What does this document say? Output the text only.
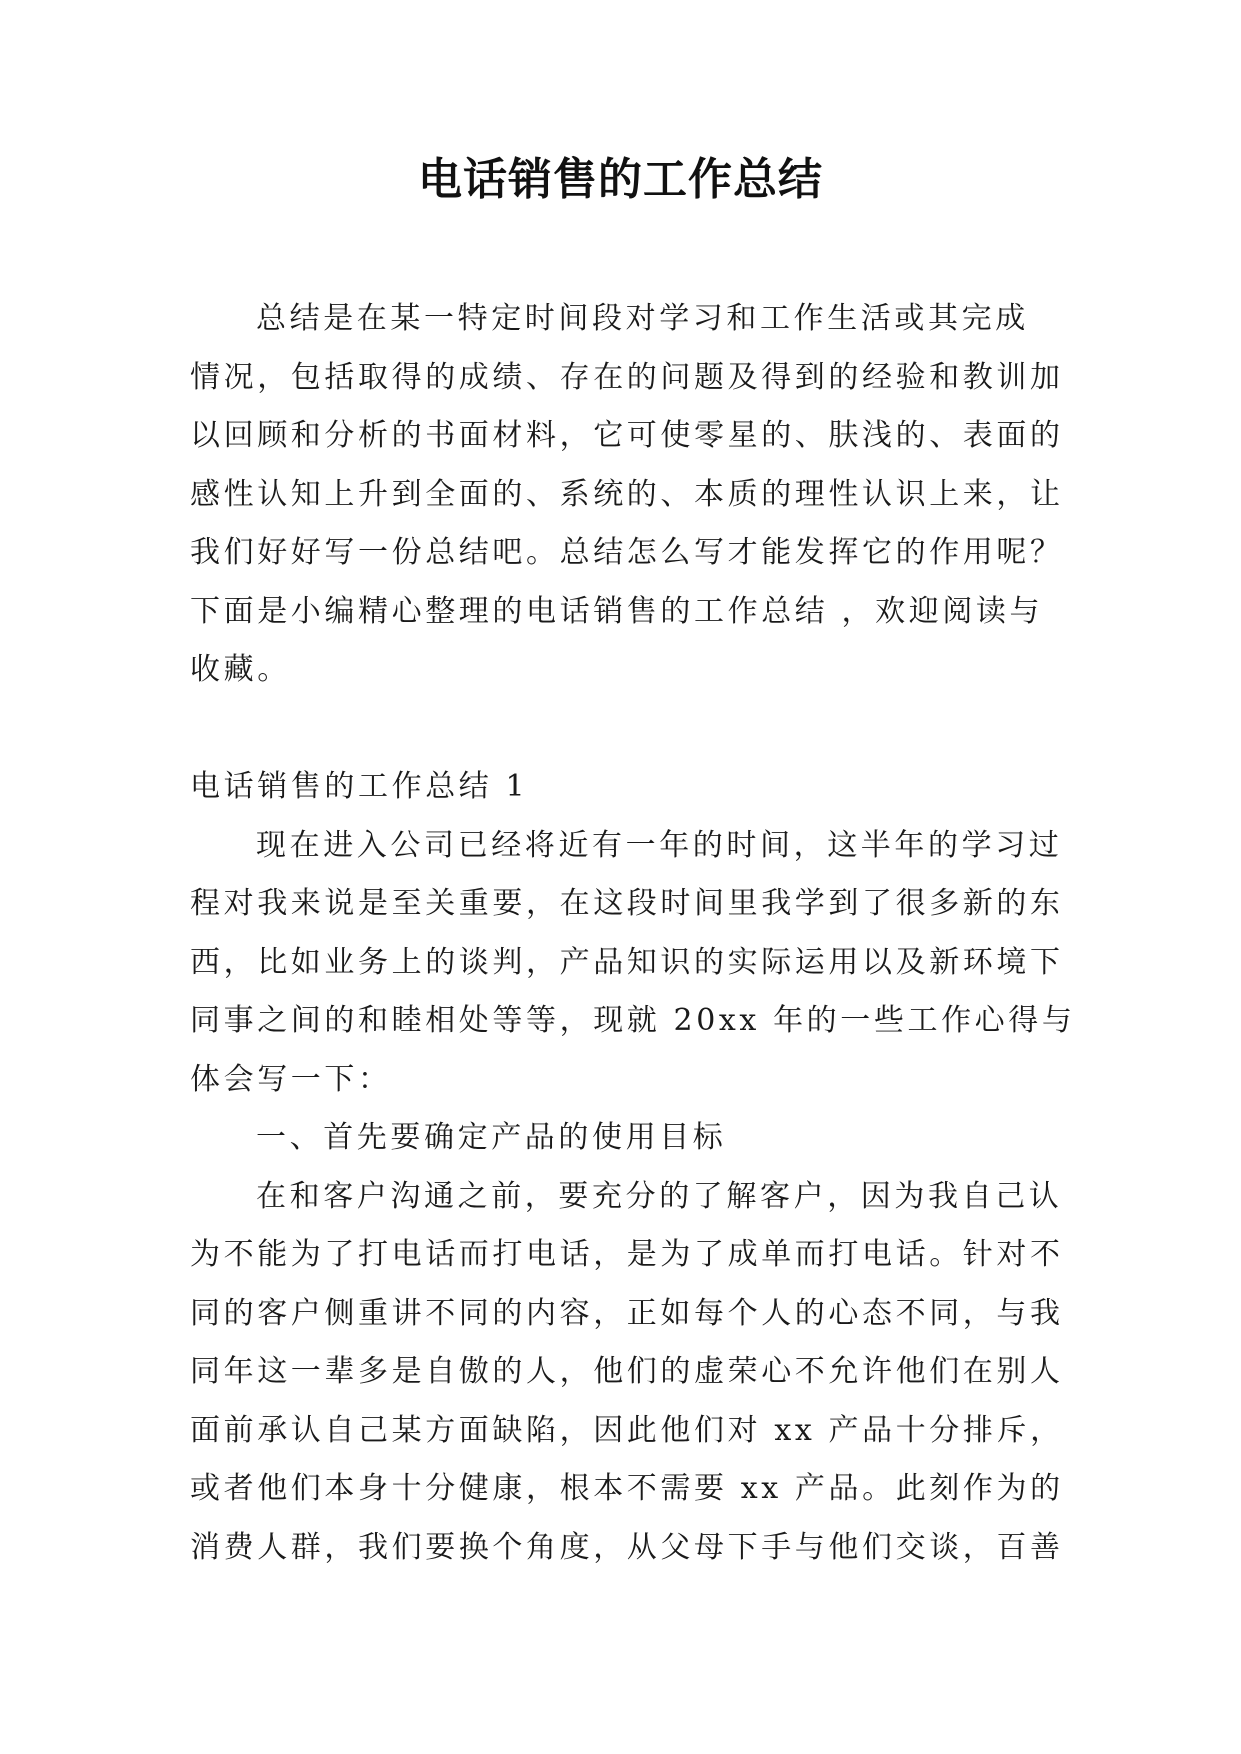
电话销售的工作总结
总结是在某一特定时间段对学习和工作生活或其完成
情况，包括取得的成绩、存在的问题及得到的经验和教训加
以回顾和分析的书面材料，它可使零星的、肤浅的、表面的
感性认知上升到全面的、系统的、本质的理性认识上来，让
我们好好写一份总结吧。总结怎么写才能发挥它的作用呢？
下面是小编精心整理的电话销售的工作总结 ，欢迎阅读与
收藏。
电话销售的工作总结 1
现在进入公司已经将近有一年的时间，这半年的学习过
程对我来说是至关重要，在这段时间里我学到了很多新的东
西，比如业务上的谈判，产品知识的实际运用以及新环境下
同事之间的和睦相处等等，现就 20xx 年的一些工作心得与
体会写一下：
一、首先要确定产品的使用目标
在和客户沟通之前，要充分的了解客户，因为我自己认
为不能为了打电话而打电话，是为了成单而打电话。针对不
同的客户侧重讲不同的内容，正如每个人的心态不同，与我
同年这一辈多是自傲的人，他们的虚荣心不允许他们在别人
面前承认自己某方面缺陷，因此他们对 xx 产品十分排斥，
或者他们本身十分健康，根本不需要 xx 产品。此刻作为的
消费人群，我们要换个角度，从父母下手与他们交谈，百善
